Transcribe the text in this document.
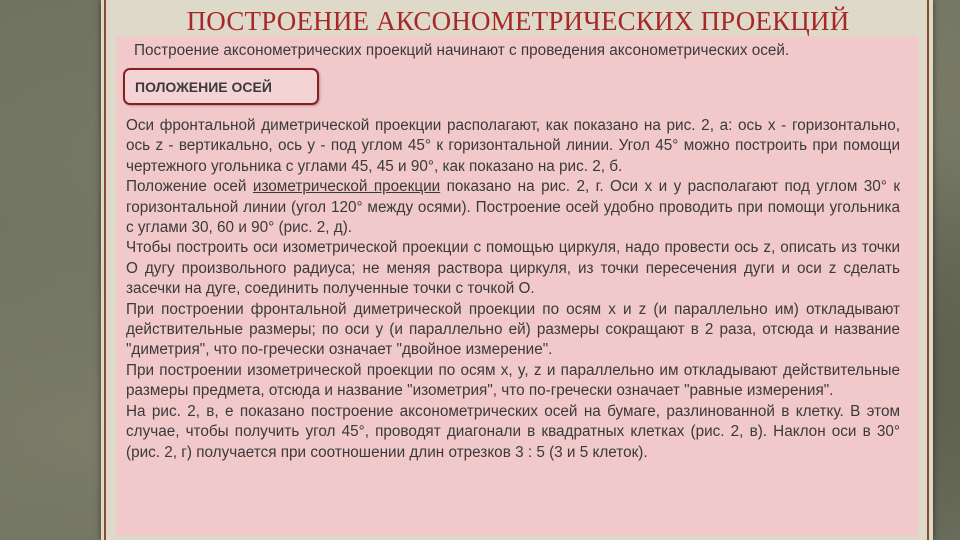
ПОСТРОЕНИЕ АКСОНОМЕТРИЧЕСКИХ ПРОЕКЦИЙ
Построение аксонометрических проекций начинают с проведения аксонометрических осей.
ПОЛОЖЕНИЕ ОСЕЙ

Оси фронтальной диметрической проекции располагают, как показано на рис. 2, а: ось x - горизонтально, ось z - вертикально, ось y - под углом 45° к горизонтальной линии. Угол 45° можно построить при помощи чертежного угольника с углами 45, 45 и 90°, как показано на рис. 2, б.

Положение осей изометрической проекции показано на рис. 2, г. Оси x и y располагают под углом 30° к горизонтальной линии (угол 120° между осями). Построение осей удобно проводить при помощи угольника с углами 30, 60 и 90° (рис. 2, д).

Чтобы построить оси изометрической проекции с помощью циркуля, надо провести ось z, описать из точки О дугу произвольного радиуса; не меняя раствора циркуля, из точки пересечения дуги и оси z сделать засечки на дуге, соединить полученные точки с точкой О.

При построении фронтальной диметрической проекции по осям x и z (и параллельно им) откладывают действительные размеры; по оси y (и параллельно ей) размеры сокращают в 2 раза, отсюда и название "диметрия", что по-гречески означает "двойное измерение".

При построении изометрической проекции по осям x, y, z и параллельно им откладывают действительные размеры предмета, отсюда и название "изометрия", что по-гречески означает "равные измерения".

На рис. 2, в, е показано построение аксонометрических осей на бумаге, разлинованной в клетку. В этом случае, чтобы получить угол 45°, проводят диагонали в квадратных клетках (рис. 2, в). Наклон оси в 30° (рис. 2, г) получается при соотношении длин отрезков 3 : 5 (3 и 5 клеток).
